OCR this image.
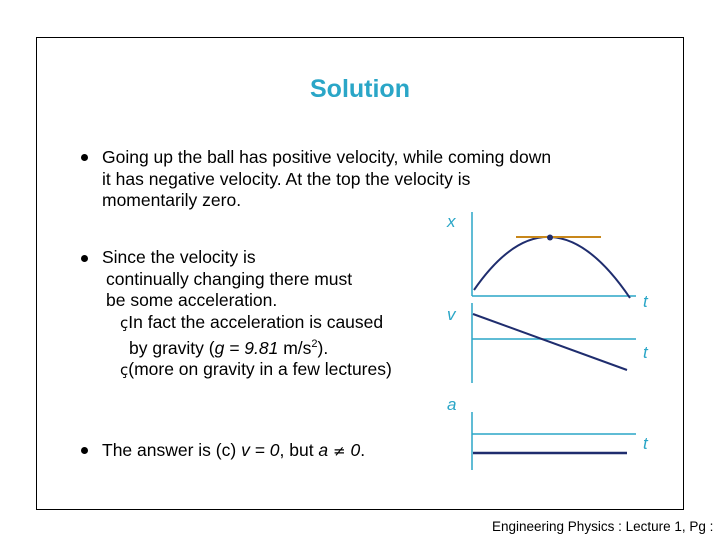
Solution
Going up the ball has positive velocity, while coming down
it has negative velocity. At the top the velocity is
momentarily zero.
Since the velocity is
continually changing there must
be some acceleration.
çIn fact the acceleration is caused
by gravity (g = 9.81 $m/s^2$).
ç(more on gravity in a few lectures)
The answer is (c) v = 0, but a ≠ 0.
x
v
a
t
t
t
Engineering Physics : Lecture 1, Pg :
